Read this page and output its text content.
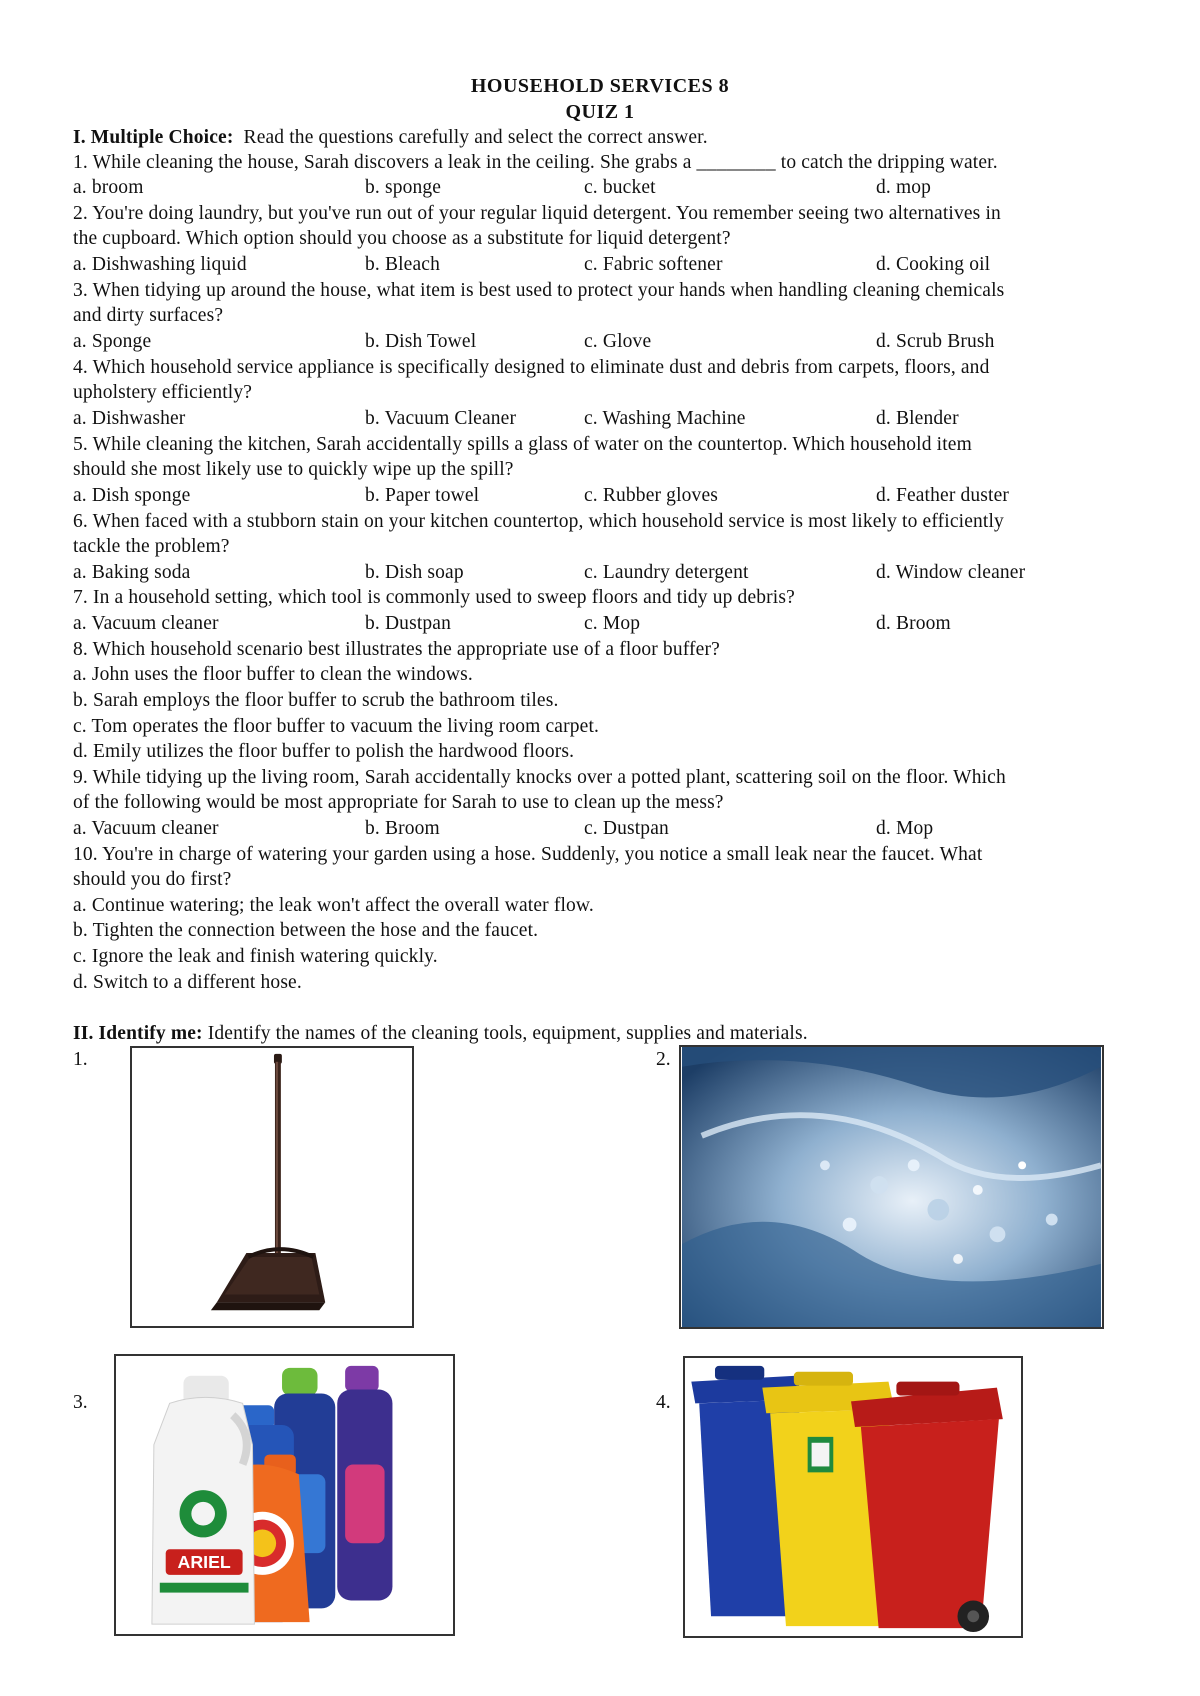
HOUSEHOLD SERVICES 8
QUIZ 1
I. Multiple Choice: Read the questions carefully and select the correct answer.
1. While cleaning the house, Sarah discovers a leak in the ceiling. She grabs a ________ to catch the dripping water.
a. broom	b. sponge	c. bucket	d. mop
2. You're doing laundry, but you've run out of your regular liquid detergent. You remember seeing two alternatives in
the cupboard. Which option should you choose as a substitute for liquid detergent?
a. Dishwashing liquid	b. Bleach	c. Fabric softener	d. Cooking oil
3. When tidying up around the house, what item is best used to protect your hands when handling cleaning chemicals
and dirty surfaces?
a. Sponge	b. Dish Towel	c. Glove	d. Scrub Brush
4. Which household service appliance is specifically designed to eliminate dust and debris from carpets, floors, and
upholstery efficiently?
a. Dishwasher	b. Vacuum Cleaner	c. Washing Machine	d. Blender
5. While cleaning the kitchen, Sarah accidentally spills a glass of water on the countertop. Which household item
should she most likely use to quickly wipe up the spill?
a. Dish sponge	b. Paper towel	c. Rubber gloves	d. Feather duster
6. When faced with a stubborn stain on your kitchen countertop, which household service is most likely to efficiently
tackle the problem?
a. Baking soda	b. Dish soap	c. Laundry detergent	d. Window cleaner
7. In a household setting, which tool is commonly used to sweep floors and tidy up debris?
a. Vacuum cleaner	b. Dustpan	c. Mop	d. Broom
8. Which household scenario best illustrates the appropriate use of a floor buffer?
a. John uses the floor buffer to clean the windows.
b. Sarah employs the floor buffer to scrub the bathroom tiles.
c. Tom operates the floor buffer to vacuum the living room carpet.
d. Emily utilizes the floor buffer to polish the hardwood floors.
9. While tidying up the living room, Sarah accidentally knocks over a potted plant, scattering soil on the floor. Which
of the following would be most appropriate for Sarah to use to clean up the mess?
a. Vacuum cleaner	b. Broom	c. Dustpan	d. Mop
10. You're in charge of watering your garden using a hose. Suddenly, you notice a small leak near the faucet. What
should you do first?
a. Continue watering; the leak won't affect the overall water flow.
b. Tighten the connection between the hose and the faucet.
c. Ignore the leak and finish watering quickly.
d. Switch to a different hose.
II. Identify me: Identify the names of the cleaning tools, equipment, supplies and materials.
1.	2.
3.
ARIEL
4.
